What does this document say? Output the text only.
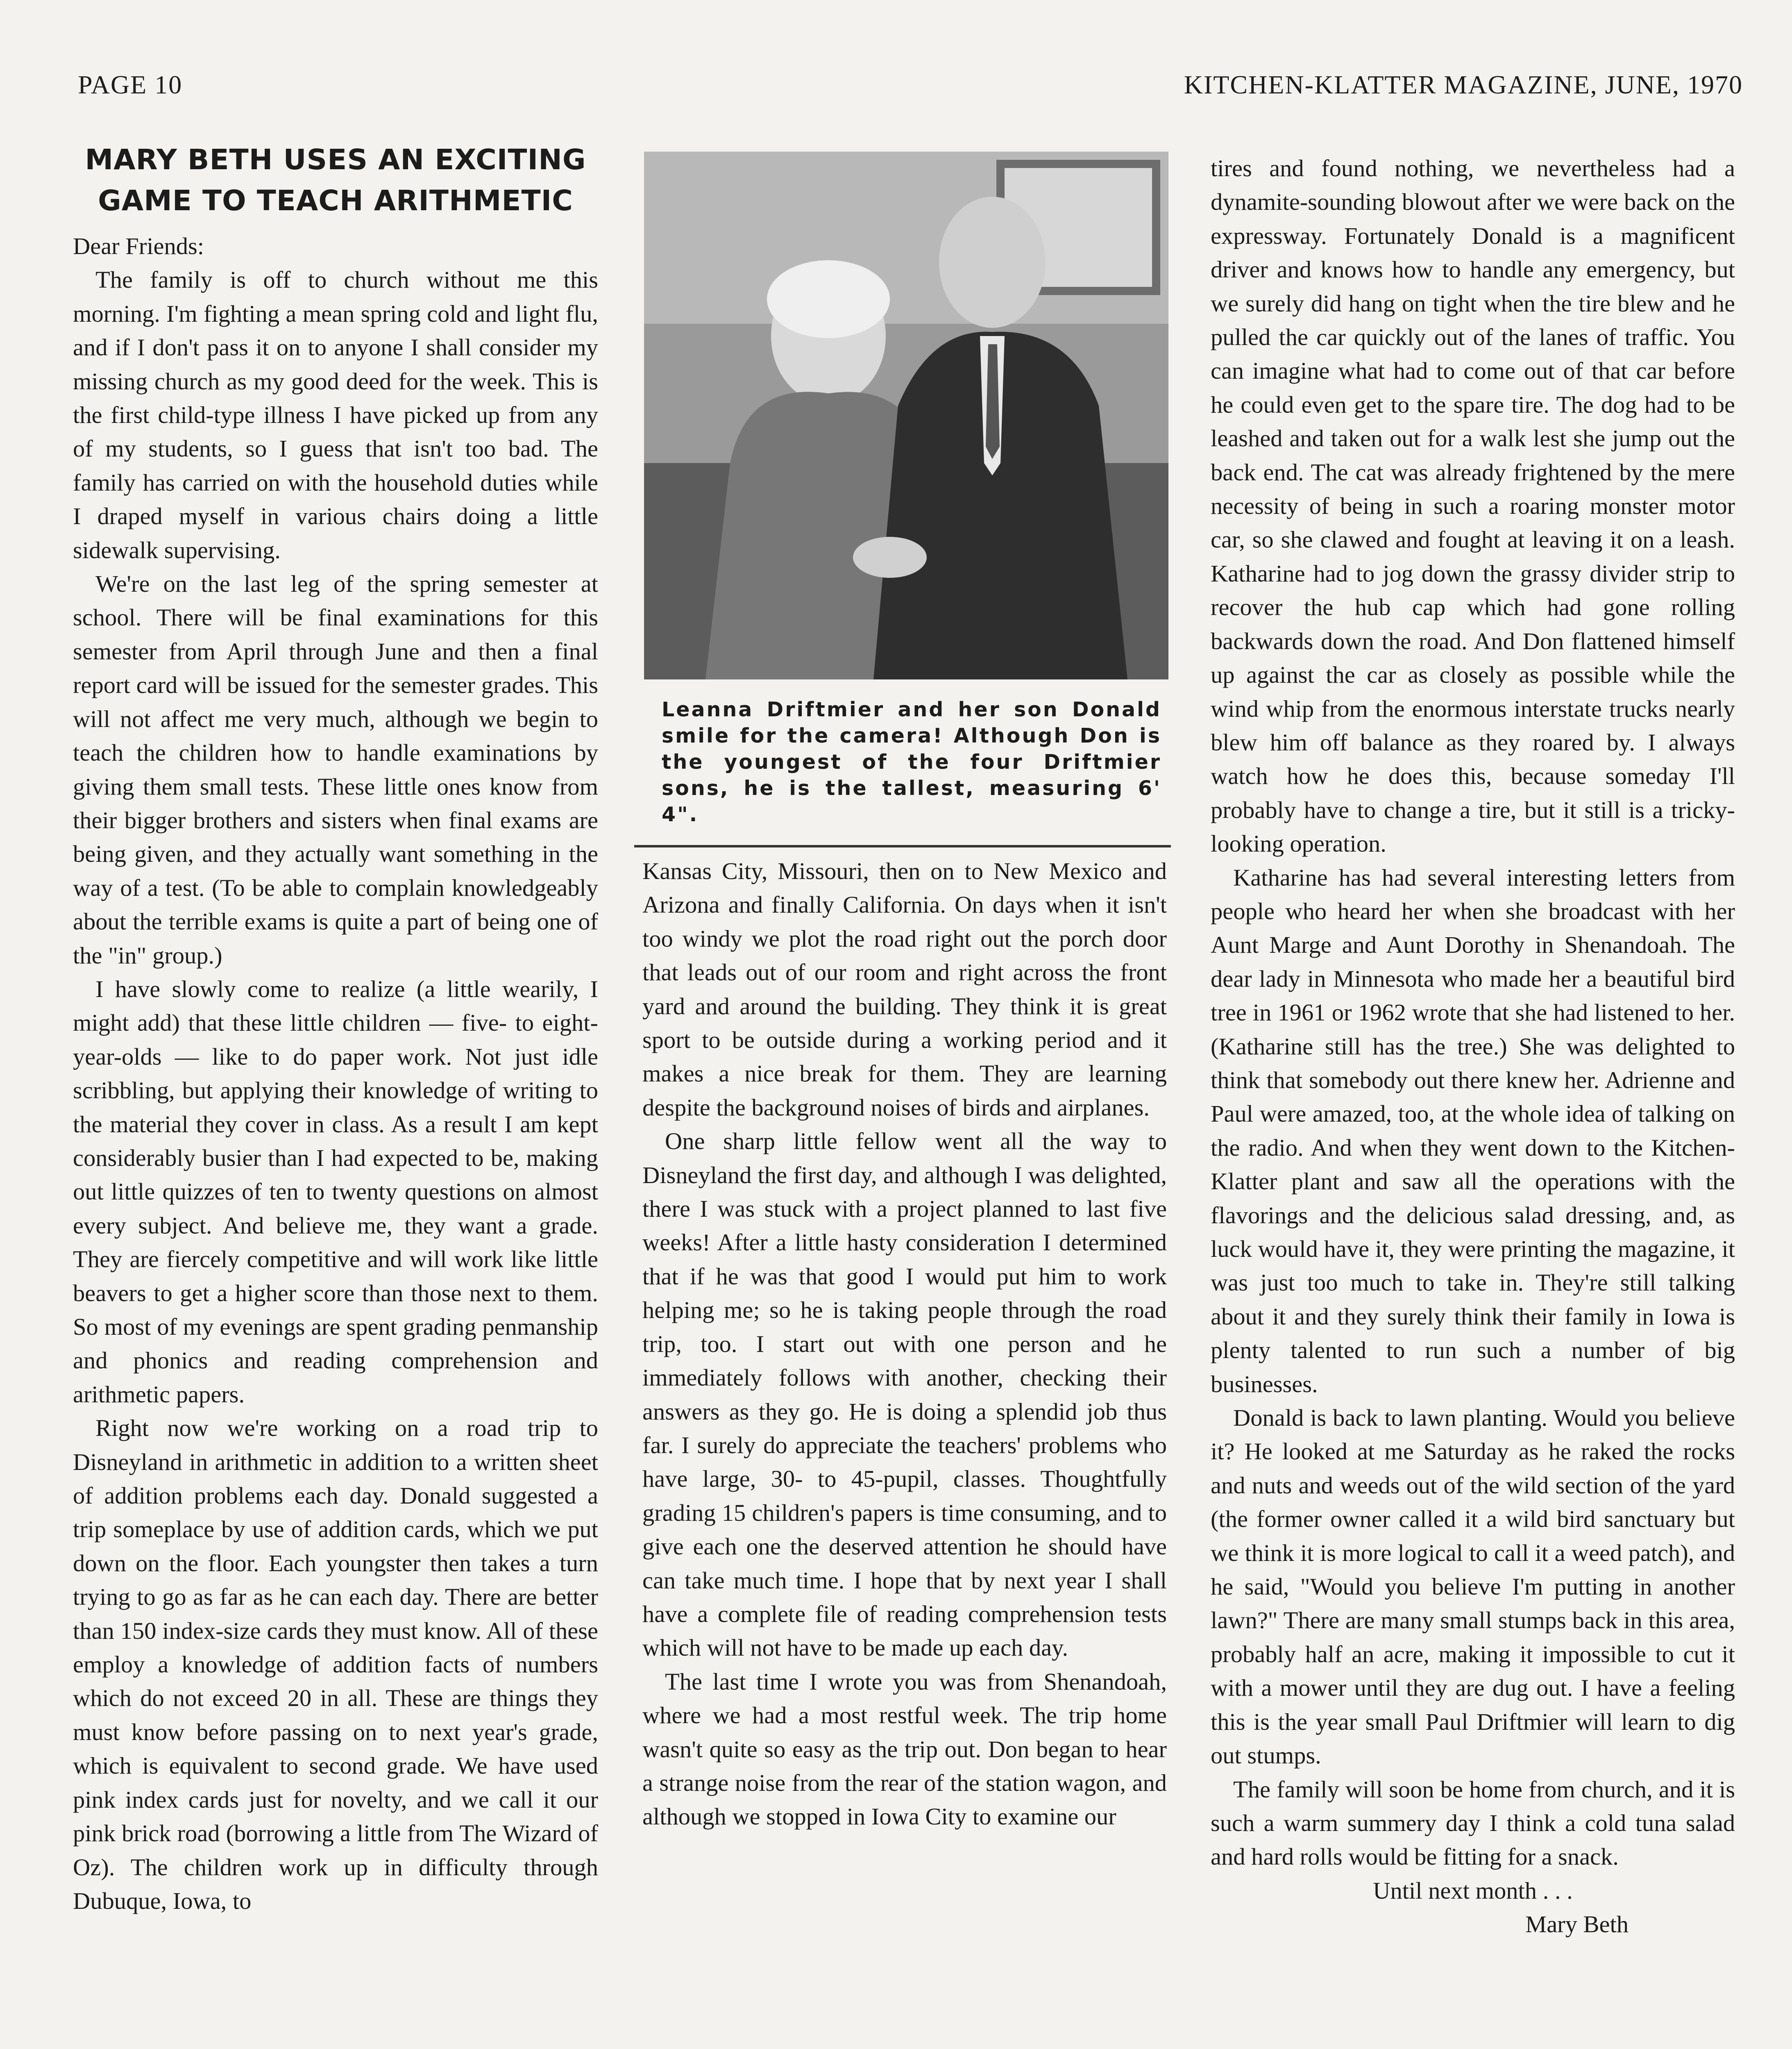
PAGE 10	KITCHEN-KLATTER MAGAZINE, JUNE, 1970
MARY BETH USES AN EXCITING
GAME TO TEACH ARITHMETIC

Dear Friends:

The family is off to church without me this morning. I'm fighting a mean spring cold and light flu, and if I don't pass it on to anyone I shall consider my missing church as my good deed for the week. This is the first child-type illness I have picked up from any of my students, so I guess that isn't too bad. The family has carried on with the household duties while I draped myself in various chairs doing a little sidewalk supervising.

We're on the last leg of the spring semester at school. There will be final examinations for this semester from April through June and then a final report card will be issued for the semester grades. This will not affect me very much, although we begin to teach the children how to handle examinations by giving them small tests. These little ones know from their bigger brothers and sisters when final exams are being given, and they actually want something in the way of a test. (To be able to complain knowledgeably about the terrible exams is quite a part of being one of the "in" group.)

I have slowly come to realize (a little wearily, I might add) that these little children — five- to eight-year-olds — like to do paper work. Not just idle scribbling, but applying their knowledge of writing to the material they cover in class. As a result I am kept considerably busier than I had expected to be, making out little quizzes of ten to twenty questions on almost every subject. And believe me, they want a grade. They are fiercely competitive and will work like little beavers to get a higher score than those next to them. So most of my evenings are spent grading penmanship and phonics and reading comprehension and arithmetic papers.

Right now we're working on a road trip to Disneyland in arithmetic in addition to a written sheet of addition problems each day. Donald suggested a trip someplace by use of addition cards, which we put down on the floor. Each youngster then takes a turn trying to go as far as he can each day. There are better than 150 index-size cards they must know. All of these employ a knowledge of addition facts of numbers which do not exceed 20 in all. These are things they must know before passing on to next year's grade, which is equivalent to second grade. We have used pink index cards just for novelty, and we call it our pink brick road (borrowing a little from The Wizard of Oz). The children work up in difficulty through Dubuque, Iowa, to

Leanna Driftmier and her son Donald smile for the camera! Although Don is the youngest of the four Driftmier sons, he is the tallest, measuring 6' 4".

Kansas City, Missouri, then on to New Mexico and Arizona and finally California. On days when it isn't too windy we plot the road right out the porch door that leads out of our room and right across the front yard and around the building. They think it is great sport to be outside during a working period and it makes a nice break for them. They are learning despite the background noises of birds and airplanes.

One sharp little fellow went all the way to Disneyland the first day, and although I was delighted, there I was stuck with a project planned to last five weeks! After a little hasty consideration I determined that if he was that good I would put him to work helping me; so he is taking people through the road trip, too. I start out with one person and he immediately follows with another, checking their answers as they go. He is doing a splendid job thus far. I surely do appreciate the teachers' problems who have large, 30- to 45-pupil, classes. Thoughtfully grading 15 children's papers is time consuming, and to give each one the deserved attention he should have can take much time. I hope that by next year I shall have a complete file of reading comprehension tests which will not have to be made up each day.

The last time I wrote you was from Shenandoah, where we had a most restful week. The trip home wasn't quite so easy as the trip out. Don began to hear a strange noise from the rear of the station wagon, and although we stopped in Iowa City to examine our

tires and found nothing, we nevertheless had a dynamite-sounding blowout after we were back on the expressway. Fortunately Donald is a magnificent driver and knows how to handle any emergency, but we surely did hang on tight when the tire blew and he pulled the car quickly out of the lanes of traffic. You can imagine what had to come out of that car before he could even get to the spare tire. The dog had to be leashed and taken out for a walk lest she jump out the back end. The cat was already frightened by the mere necessity of being in such a roaring monster motor car, so she clawed and fought at leaving it on a leash. Katharine had to jog down the grassy divider strip to recover the hub cap which had gone rolling backwards down the road. And Don flattened himself up against the car as closely as possible while the wind whip from the enormous interstate trucks nearly blew him off balance as they roared by. I always watch how he does this, because someday I'll probably have to change a tire, but it still is a tricky-looking operation.

Katharine has had several interesting letters from people who heard her when she broadcast with her Aunt Marge and Aunt Dorothy in Shenandoah. The dear lady in Minnesota who made her a beautiful bird tree in 1961 or 1962 wrote that she had listened to her. (Katharine still has the tree.) She was delighted to think that somebody out there knew her. Adrienne and Paul were amazed, too, at the whole idea of talking on the radio. And when they went down to the Kitchen-Klatter plant and saw all the operations with the flavorings and the delicious salad dressing, and, as luck would have it, they were printing the magazine, it was just too much to take in. They're still talking about it and they surely think their family in Iowa is plenty talented to run such a number of big businesses.

Donald is back to lawn planting. Would you believe it? He looked at me Saturday as he raked the rocks and nuts and weeds out of the wild section of the yard (the former owner called it a wild bird sanctuary but we think it is more logical to call it a weed patch), and he said, "Would you believe I'm putting in another lawn?" There are many small stumps back in this area, probably half an acre, making it impossible to cut it with a mower until they are dug out. I have a feeling this is the year small Paul Driftmier will learn to dig out stumps.

The family will soon be home from church, and it is such a warm summery day I think a cold tuna salad and hard rolls would be fitting for a snack.

Until next month . . .

Mary Beth
